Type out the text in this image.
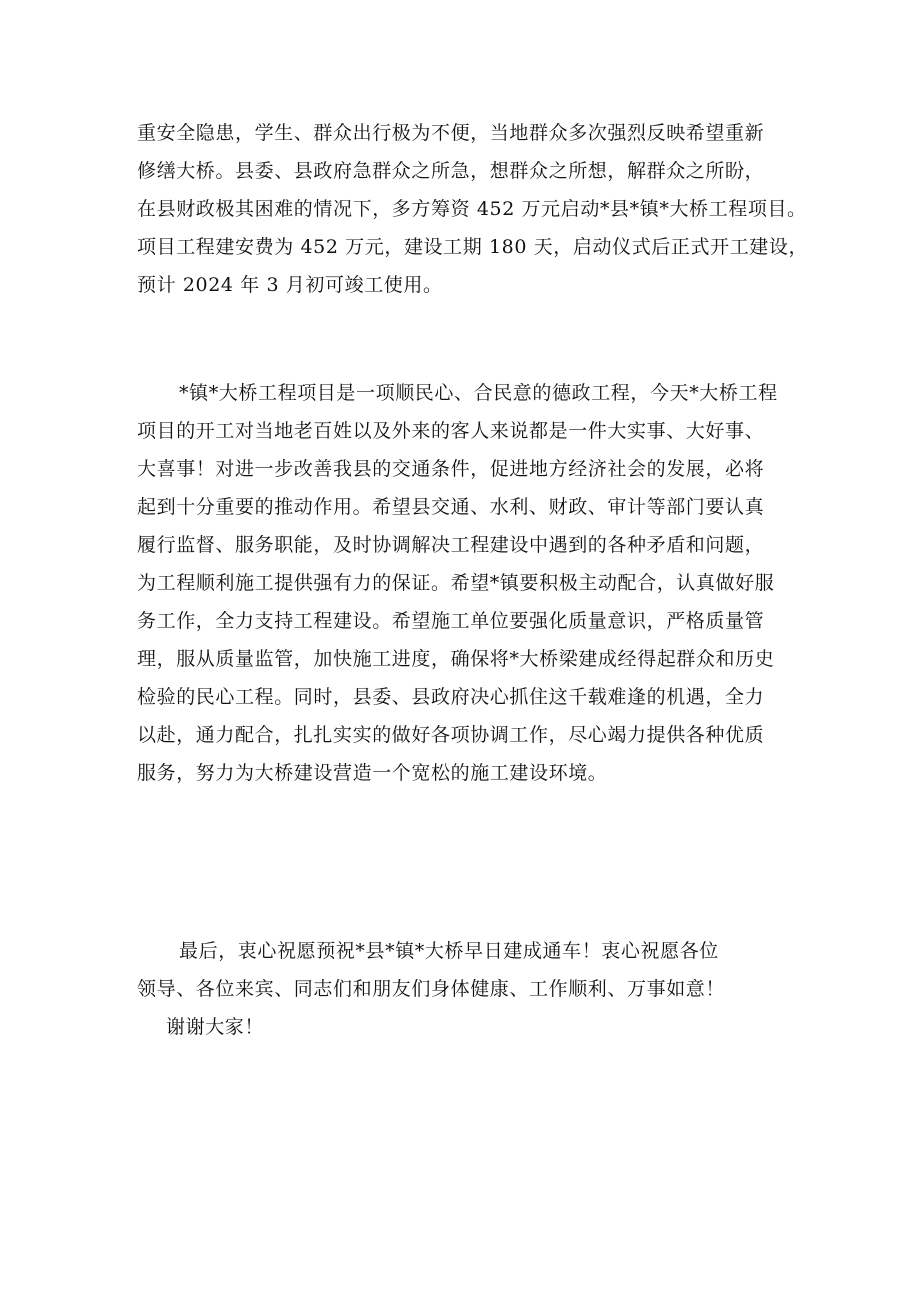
重安全隐患，学生、群众出行极为不便，当地群众多次强烈反映希望重新
修缮大桥。县委、县政府急群众之所急，想群众之所想，解群众之所盼，
在县财政极其困难的情况下，多方筹资 452 万元启动*县*镇*大桥工程项目。
项目工程建安费为 452 万元，建设工期 180 天，启动仪式后正式开工建设，
预计 2024 年 3 月初可竣工使用。
*镇*大桥工程项目是一项顺民心、合民意的德政工程，今天*大桥工程
项目的开工对当地老百姓以及外来的客人来说都是一件大实事、大好事、
大喜事！对进一步改善我县的交通条件，促进地方经济社会的发展，必将
起到十分重要的推动作用。希望县交通、水利、财政、审计等部门要认真
履行监督、服务职能，及时协调解决工程建设中遇到的各种矛盾和问题，
为工程顺利施工提供强有力的保证。希望*镇要积极主动配合，认真做好服
务工作，全力支持工程建设。希望施工单位要强化质量意识，严格质量管
理，服从质量监管，加快施工进度，确保将*大桥梁建成经得起群众和历史
检验的民心工程。同时，县委、县政府决心抓住这千载难逢的机遇，全力
以赴，通力配合，扎扎实实的做好各项协调工作，尽心竭力提供各种优质
服务，努力为大桥建设营造一个宽松的施工建设环境。
最后，衷心祝愿预祝*县*镇*大桥早日建成通车！衷心祝愿各位
领导、各位来宾、同志们和朋友们身体健康、工作顺利、万事如意！
谢谢大家！
